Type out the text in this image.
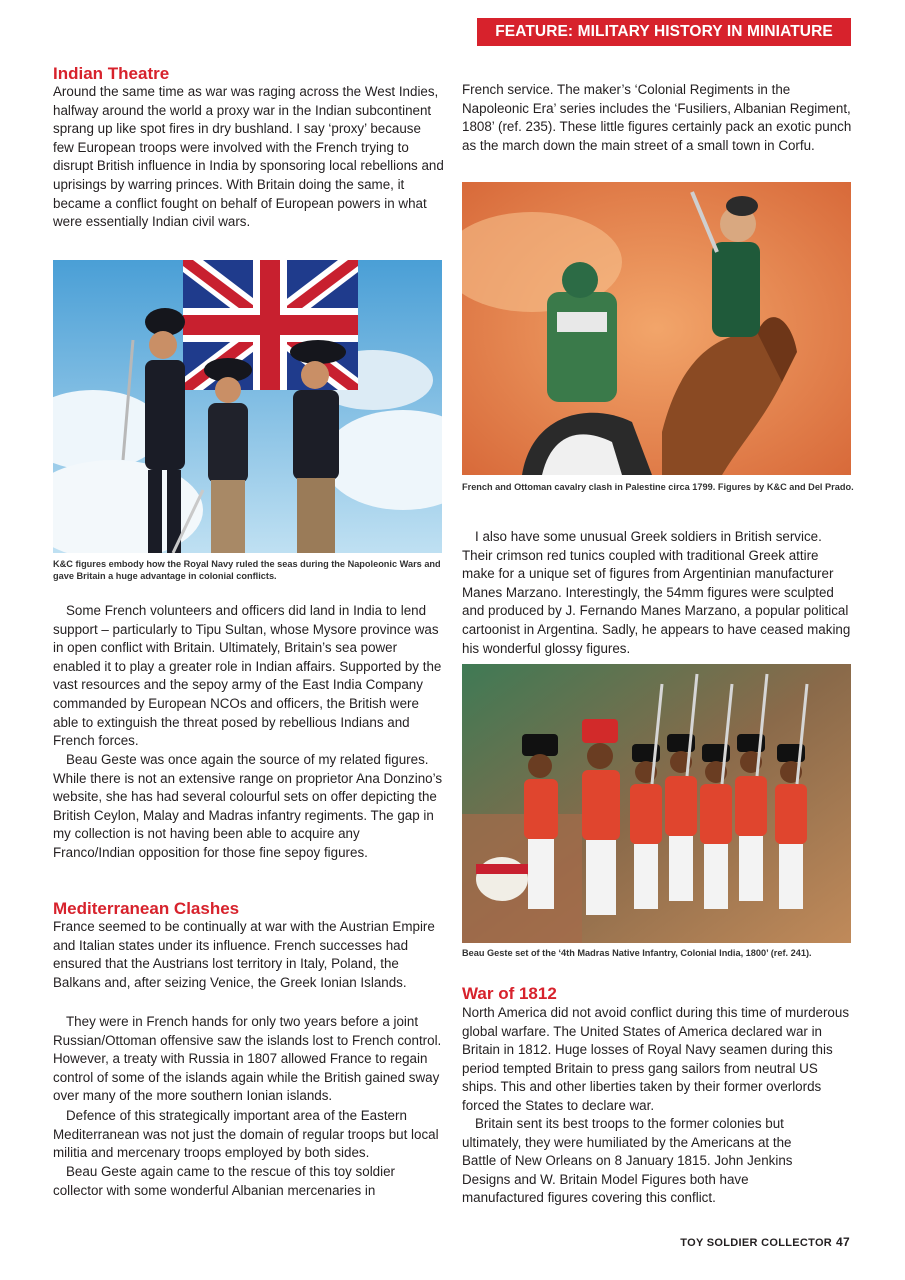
FEATURE: MILITARY HISTORY IN MINIATURE
Indian Theatre

Around the same time as war was raging across the West Indies, halfway around the world a proxy war in the Indian subcontinent sprang up like spot fires in dry bushland. I say ‘proxy’ because few European troops were involved with the French trying to disrupt British influence in India by sponsoring local rebellions and uprisings by warring princes. With Britain doing the same, it became a conflict fought on behalf of European powers in what were essentially Indian civil wars.

K&C figures embody how the Royal Navy ruled the seas during the Napoleonic Wars and gave Britain a huge advantage in colonial conflicts.

Some French volunteers and officers did land in India to lend support – particularly to Tipu Sultan, whose Mysore province was in open conflict with Britain. Ultimately, Britain’s sea power enabled it to play a greater role in Indian affairs. Supported by the vast resources and the sepoy army of the East India Company commanded by European NCOs and officers, the British were able to extinguish the threat posed by rebellious Indians and French forces.

Beau Geste was once again the source of my related figures. While there is not an extensive range on proprietor Ana Donzino’s website, she has had several colourful sets on offer depicting the British Ceylon, Malay and Madras infantry regiments. The gap in my collection is not having been able to acquire any Franco/Indian opposition for those fine sepoy figures.

Mediterranean Clashes

France seemed to be continually at war with the Austrian Empire and Italian states under its influence. French successes had ensured that the Austrians lost territory in Italy, Poland, the Balkans and, after seizing Venice, the Greek Ionian Islands.

They were in French hands for only two years before a joint Russian/Ottoman offensive saw the islands lost to French control. However, a treaty with Russia in 1807 allowed France to regain control of some of the islands again while the British gained sway over many of the more southern Ionian islands.

Defence of this strategically important area of the Eastern Mediterranean was not just the domain of regular troops but local militia and mercenary troops employed by both sides.

Beau Geste again came to the rescue of this toy soldier collector with some wonderful Albanian mercenaries in

French service. The maker’s ‘Colonial Regiments in the Napoleonic Era’ series includes the ‘Fusiliers, Albanian Regiment, 1808’ (ref. 235). These little figures certainly pack an exotic punch as the march down the main street of a small town in Corfu.

French and Ottoman cavalry clash in Palestine circa 1799. Figures by K&C and Del Prado.

I also have some unusual Greek soldiers in British service. Their crimson red tunics coupled with traditional Greek attire make for a unique set of figures from Argentinian manufacturer Manes Marzano. Interestingly, the 54mm figures were sculpted and produced by J. Fernando Manes Marzano, a popular political cartoonist in Argentina. Sadly, he appears to have ceased making his wonderful glossy figures.

Beau Geste set of the ‘4th Madras Native Infantry, Colonial India, 1800’ (ref. 241).

War of 1812

North America did not avoid conflict during this time of murderous global warfare. The United States of America declared war in Britain in 1812. Huge losses of Royal Navy seamen during this period tempted Britain to press gang sailors from neutral US ships. This and other liberties taken by their former overlords forced the States to declare war.

Britain sent its best troops to the former colonies but ultimately, they were humiliated by the Americans at the Battle of New Orleans on 8 January 1815. John Jenkins Designs and W. Britain Model Figures both have manufactured figures covering this conflict.

TOY SOLDIER COLLECTOR 47
